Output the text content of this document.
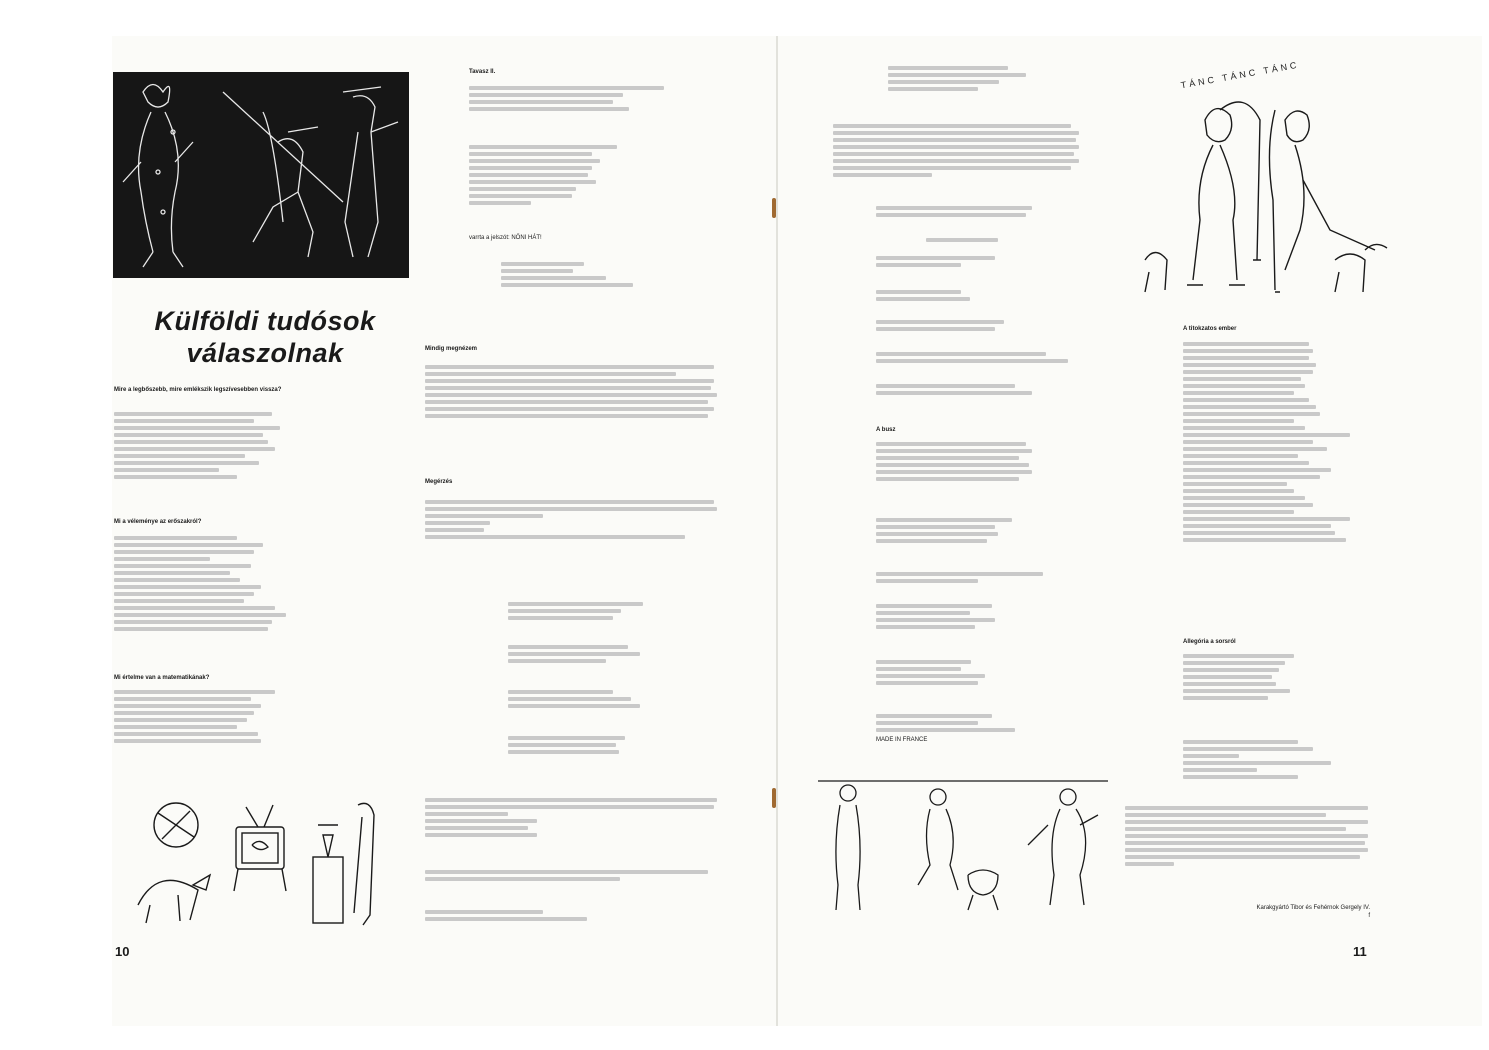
Külföldi tudósok válaszolnak
Mire a legbőszebb, mire emlékszik legszívesebben vissza?
Mi a véleménye az erőszakról?
Mi értelme van a matematikának?
Tavasz II.
varrta a jelszót: NŐNI HÁT!
Mindig megnézem
Megérzés
10
A busz
MADE IN FRANCE
TÁNC TÁNC TÁNC
A titokzatos ember
Allegória a sorsról
Karakgyártó Tibor és Fehérnok Gergely IV. f
11
